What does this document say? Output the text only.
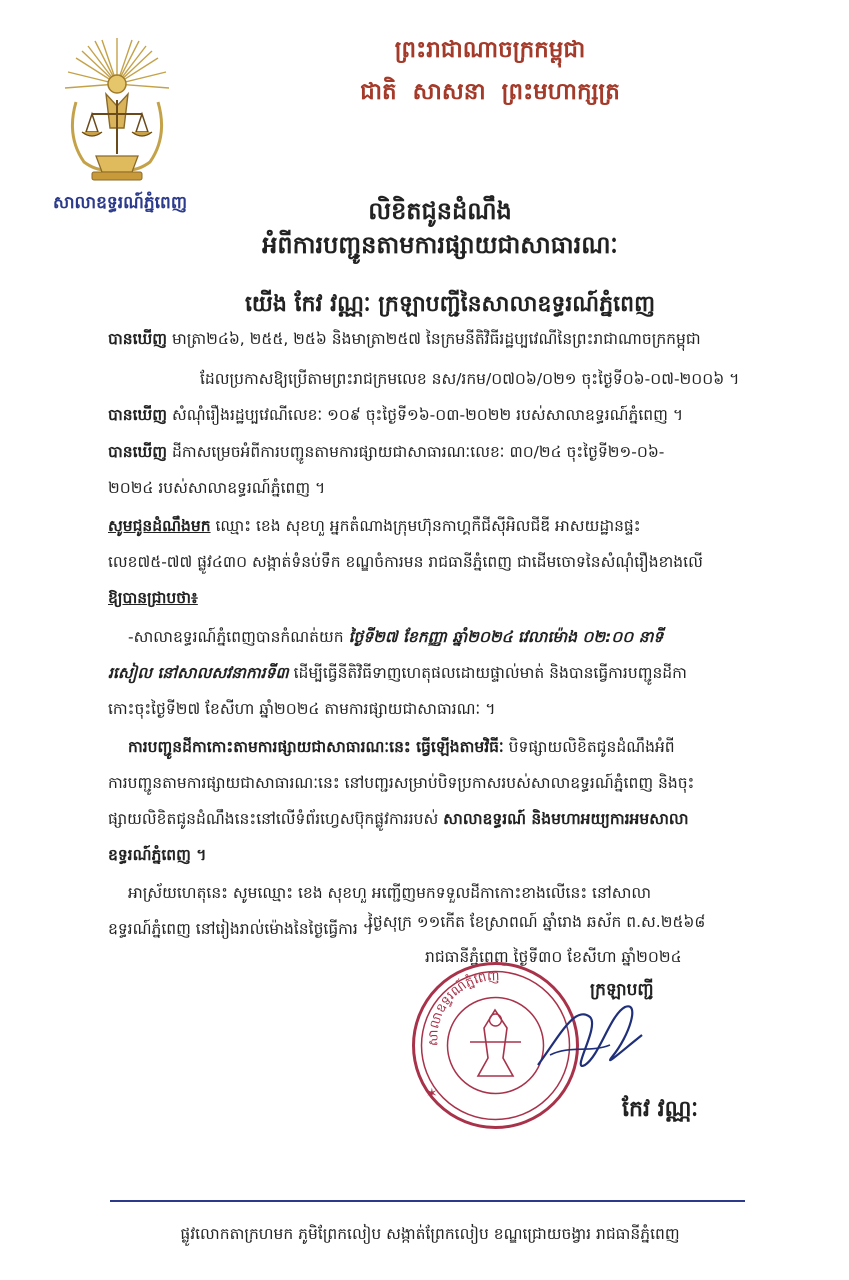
សាលាឧទ្ធរណ៍ភ្នំពេញ
ព្រះរាជាណាចក្រកម្ពុជា
ជាតិ សាសនា ព្រះមហាក្សត្រ
លិខិតជូនដំណឹង
អំពីការបញ្ជូនតាមការផ្សាយជាសាធារណៈ
យើង កែវ វណ្ណៈ ក្រឡាបញ្ជីនៃសាលាឧទ្ធរណ៍ភ្នំពេញ
បានឃើញ មាត្រា២៤៦, ២៥៥, ២៥៦ និងមាត្រា២៥៧ នៃក្រមនីតិវិធីរដ្ឋប្បវេណីនៃព្រះរាជាណាចក្រកម្ពុជា
ដែលប្រកាសឱ្យប្រើតាមព្រះរាជក្រមលេខ នស/រកម/០៧០៦/០២១ ចុះថ្ងៃទី០៦-០៧-២០០៦ ។
បានឃើញ សំណុំរឿងរដ្ឋប្បវេណីលេខៈ ១០៩ ចុះថ្ងៃទី១៦-០៣-២០២២ របស់សាលាឧទ្ធរណ៍ភ្នំពេញ ។
បានឃើញ ដីកាសម្រេចអំពីការបញ្ជូនតាមការផ្សាយជាសាធារណៈលេខៈ ៣០/២៤ ចុះថ្ងៃទី២១-០៦-
២០២៤ របស់សាលាឧទ្ធរណ៍ភ្នំពេញ ។
សូមជូនដំណឹងមក ឈ្មោះ ខេង សុខហួ អ្នកតំណាងក្រុមហ៊ុនកាហ្គកឺជីស៊ីអិលជីឌី អាសយដ្ឋានផ្ទះ
លេខ៧៥-៧៧ ផ្លូវ៤៣០ សង្កាត់ទំនប់ទឹក ខណ្ឌចំការមន រាជធានីភ្នំពេញ ជាដើមចោទនៃសំណុំរឿងខាងលើ
ឱ្យបានជ្រាបថា៖
-សាលាឧទ្ធរណ៍ភ្នំពេញបានកំណត់យក ថ្ងៃទី២៧ ខែកញ្ញា ឆ្នាំ២០២៤ វេលាម៉ោង ០២:០០ នាទី
រសៀល នៅសាលសវនាការទី៣ ដើម្បីធ្វើនីតិវិធីទាញហេតុផលដោយផ្ទាល់មាត់ និងបានធ្វើការបញ្ជូនដីកា
កោះចុះថ្ងៃទី២៧ ខែសីហា ឆ្នាំ២០២៤ តាមការផ្សាយជាសាធារណៈ ។
ការបញ្ជូនដីកាកោះតាមការផ្សាយជាសាធារណៈនេះ ធ្វើឡើងតាមវិធីៈ បិទផ្សាយលិខិតជូនដំណឹងអំពី
ការបញ្ជូនតាមការផ្សាយជាសាធារណៈនេះ នៅបញ្ជរសម្រាប់បិទប្រកាសរបស់សាលាឧទ្ធរណ៍ភ្នំពេញ និងចុះ
ផ្សាយលិខិតជូនដំណឹងនេះនៅលើទំព័រហ្វេសប៊ុកផ្លូវការរបស់ សាលាឧទ្ធរណ៍ និងមហាអយ្យការអមសាលា
ឧទ្ធរណ៍ភ្នំពេញ ។
អាស្រ័យហេតុនេះ សូមឈ្មោះ ខេង សុខហួ អញ្ជើញមកទទួលដីកាកោះខាងលើនេះ នៅសាលា
ឧទ្ធរណ៍ភ្នំពេញ នៅរៀងរាល់ម៉ោងនៃថ្ងៃធ្វើការ ។
ថ្ងៃសុក្រ ១១កេីត ខែស្រាពណ៍ ឆ្នាំរោង ឆស័ក ព.ស.២៥៦៨
រាជធានីភ្នំពេញ ថ្ងៃទី៣០ ខែសីហា ឆ្នាំ២០២៤
សាលាឧទ្ធរណ៍ភ្នំពេញ
✶
ក្រឡាបញ្ជី
កែវ វណ្ណៈ
ផ្លូវលោកតាក្រហមក ភូមិព្រែកលៀប សង្កាត់ព្រែកលៀប ខណ្ឌជ្រោយចង្វារ រាជធានីភ្នំពេញ
